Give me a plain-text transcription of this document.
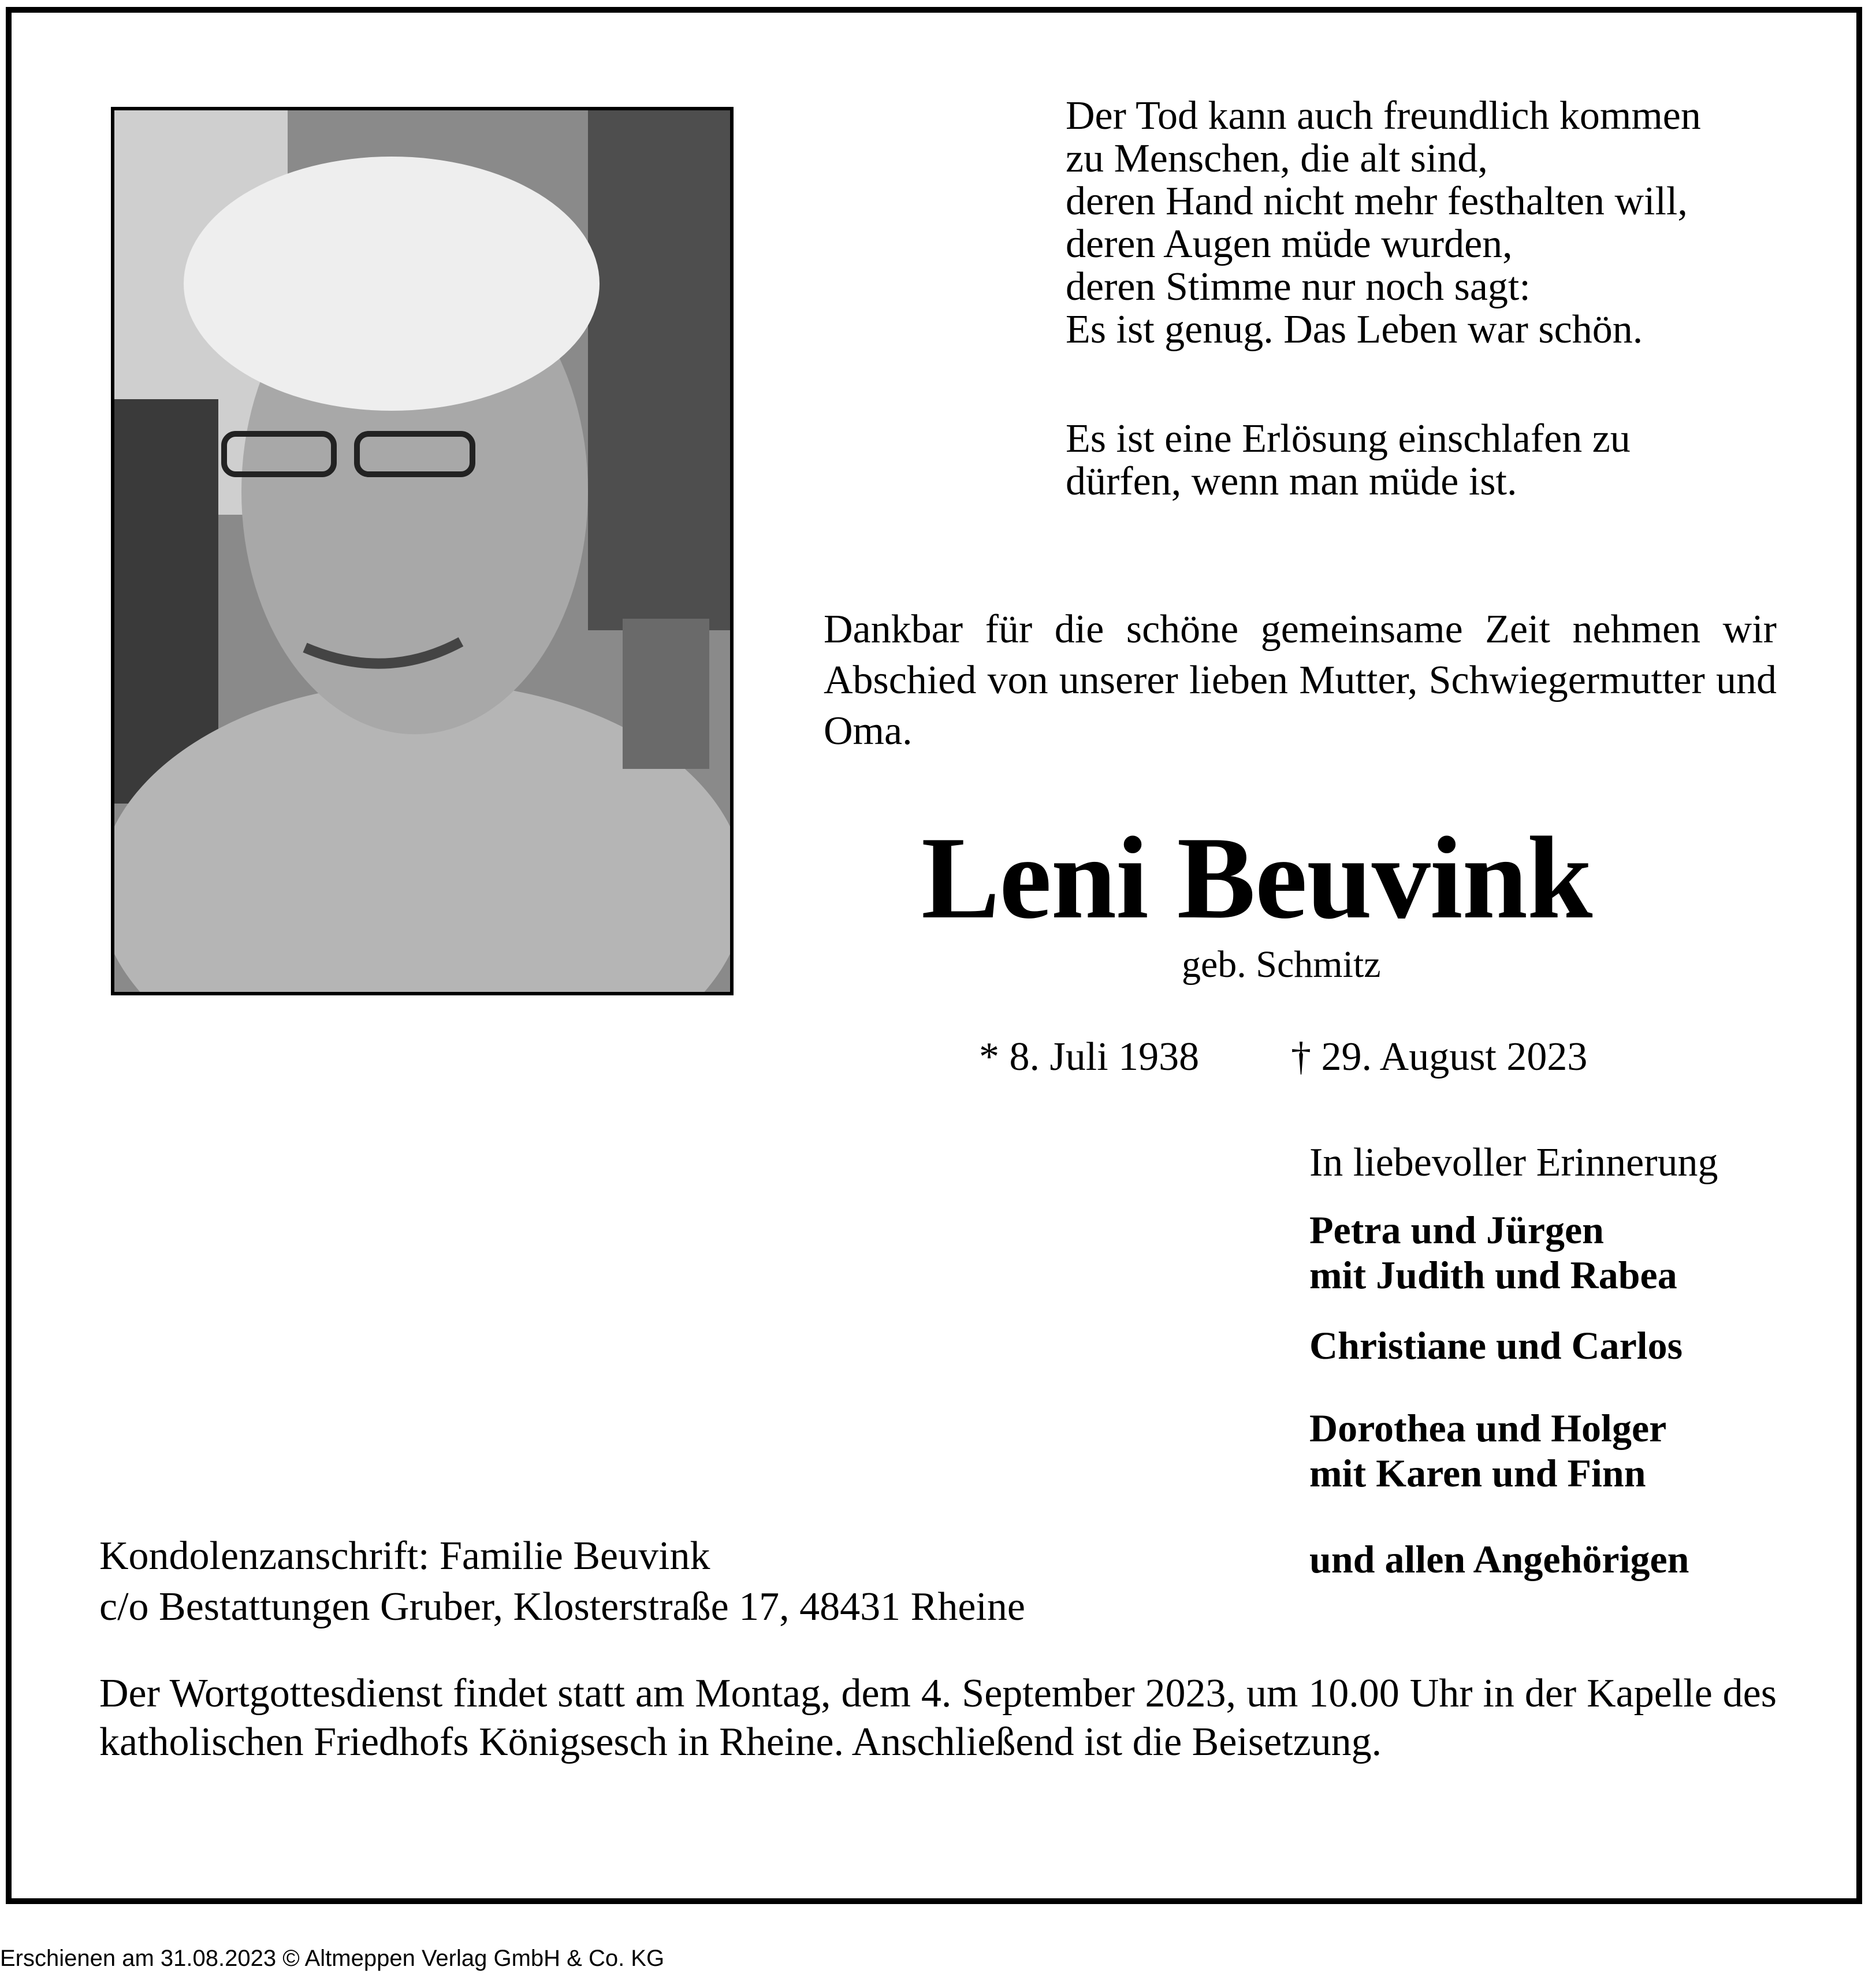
Der Tod kann auch freundlich kommen
zu Menschen, die alt sind,
deren Hand nicht mehr festhalten will,
deren Augen müde wurden,
deren Stimme nur noch sagt:
Es ist genug. Das Leben war schön.
Es ist eine Erlösung einschlafen zu
dürfen, wenn man müde ist.
Dankbar für die schöne gemeinsame Zeit nehmen wir Abschied von unserer lieben Mutter, Schwiegermutter und Oma.
Leni Beuvink
geb. Schmitz
* 8. Juli 1938 † 29. August 2023
In liebevoller Erinnerung
Petra und Jürgen
mit Judith und Rabea
Christiane und Carlos
Dorothea und Holger
mit Karen und Finn
und allen Angehörigen
Kondolenzanschrift: Familie Beuvink
c/o Bestattungen Gruber, Klosterstraße 17, 48431 Rheine
Der Wortgottesdienst findet statt am Montag, dem 4. September 2023, um 10.00 Uhr in der Kapelle des katholischen Friedhofs Königsesch in Rheine. Anschließend ist die Beisetzung.
Erschienen am 31.08.2023 © Altmeppen Verlag GmbH & Co. KG
